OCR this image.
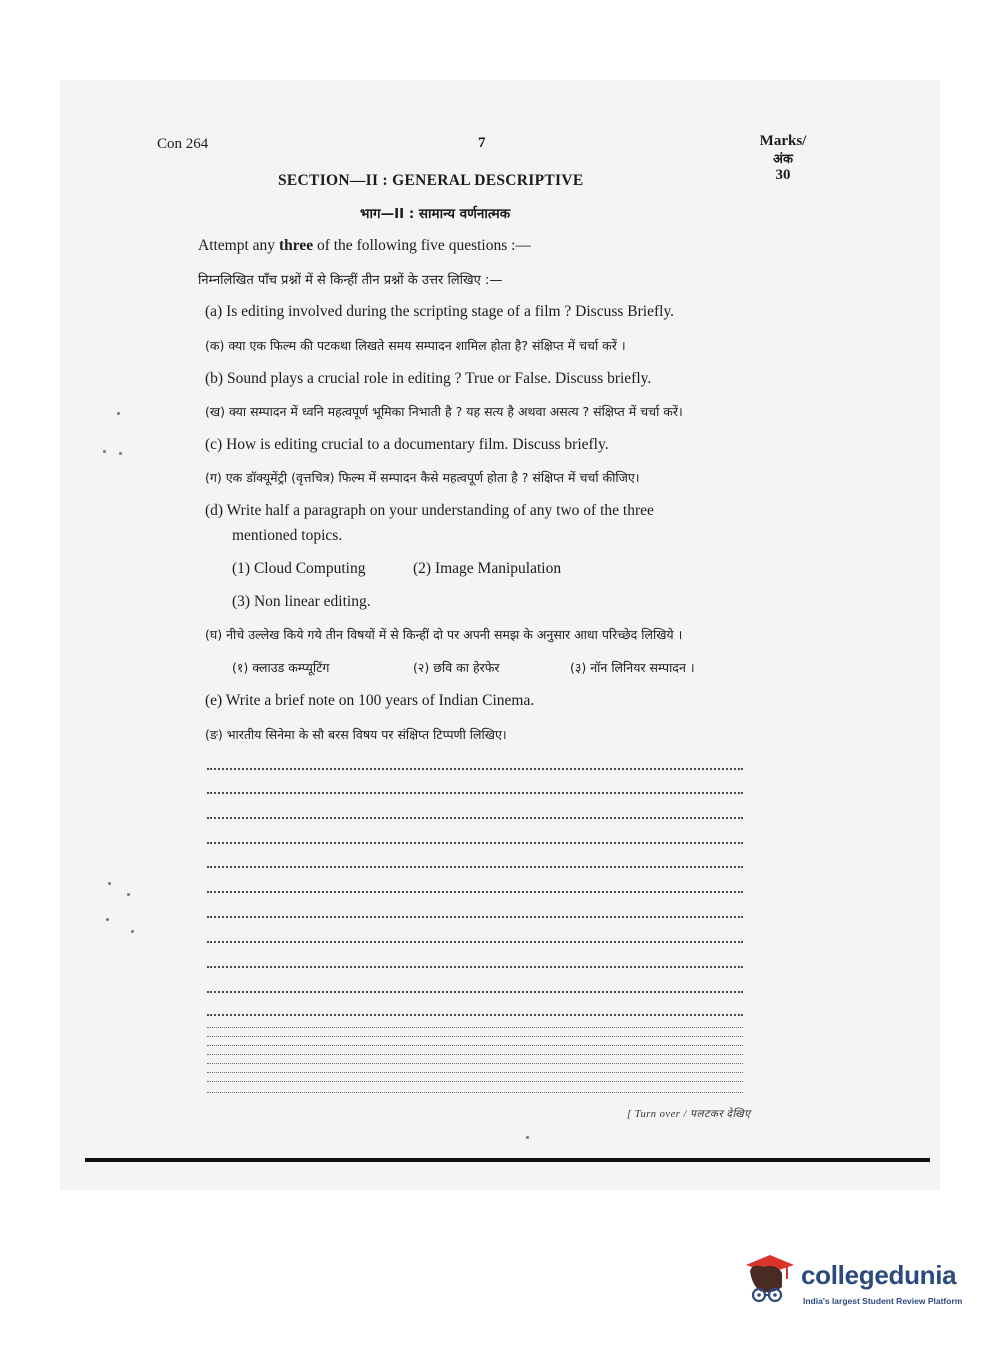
Con 264	7	Marks/
अंक
30
SECTION—II : GENERAL DESCRIPTIVE
भाग—II : सामान्य वर्णनात्मक
Attempt any three of the following five questions :—
निम्नलिखित पाँच प्रश्नों में से किन्हीं तीन प्रश्नों के उत्तर लिखिए :—
(a) Is editing involved during the scripting stage of a film ? Discuss Briefly.
(क) क्या एक फिल्म की पटकथा लिखते समय सम्पादन शामिल होता है? संक्षिप्त में चर्चा करें ।
(b) Sound plays a crucial role in editing ? True or False. Discuss briefly.
(ख) क्या सम्पादन में ध्वनि महत्वपूर्ण भूमिका निभाती है ? यह सत्य है अथवा असत्य ? संक्षिप्त में चर्चा करें।
(c) How is editing crucial to a documentary film. Discuss briefly.
(ग) एक डॉक्यूमेंट्री (वृत्तचित्र) फिल्म में सम्पादन कैसे महत्वपूर्ण होता है ? संक्षिप्त में चर्चा कीजिए।
(d) Write half a paragraph on your understanding of any two of the three
mentioned topics.
(1) Cloud Computing	(2) Image Manipulation
(3) Non linear editing.
(घ) नीचे उल्लेख किये गये तीन विषयों में से किन्हीं दो पर अपनी समझ के अनुसार आधा परिच्छेद लिखिये ।
(१) क्लाउड कम्प्यूटिंग	(२) छवि का हेरफेर	(३) नॉन लिनियर सम्पादन ।
(e) Write a brief note on 100 years of Indian Cinema.
(ङ) भारतीय सिनेमा के सौ बरस विषय पर संक्षिप्त टिप्पणी लिखिए।
[ Turn over / पलटकर देखिए
collegedunia
India's largest Student Review Platform
